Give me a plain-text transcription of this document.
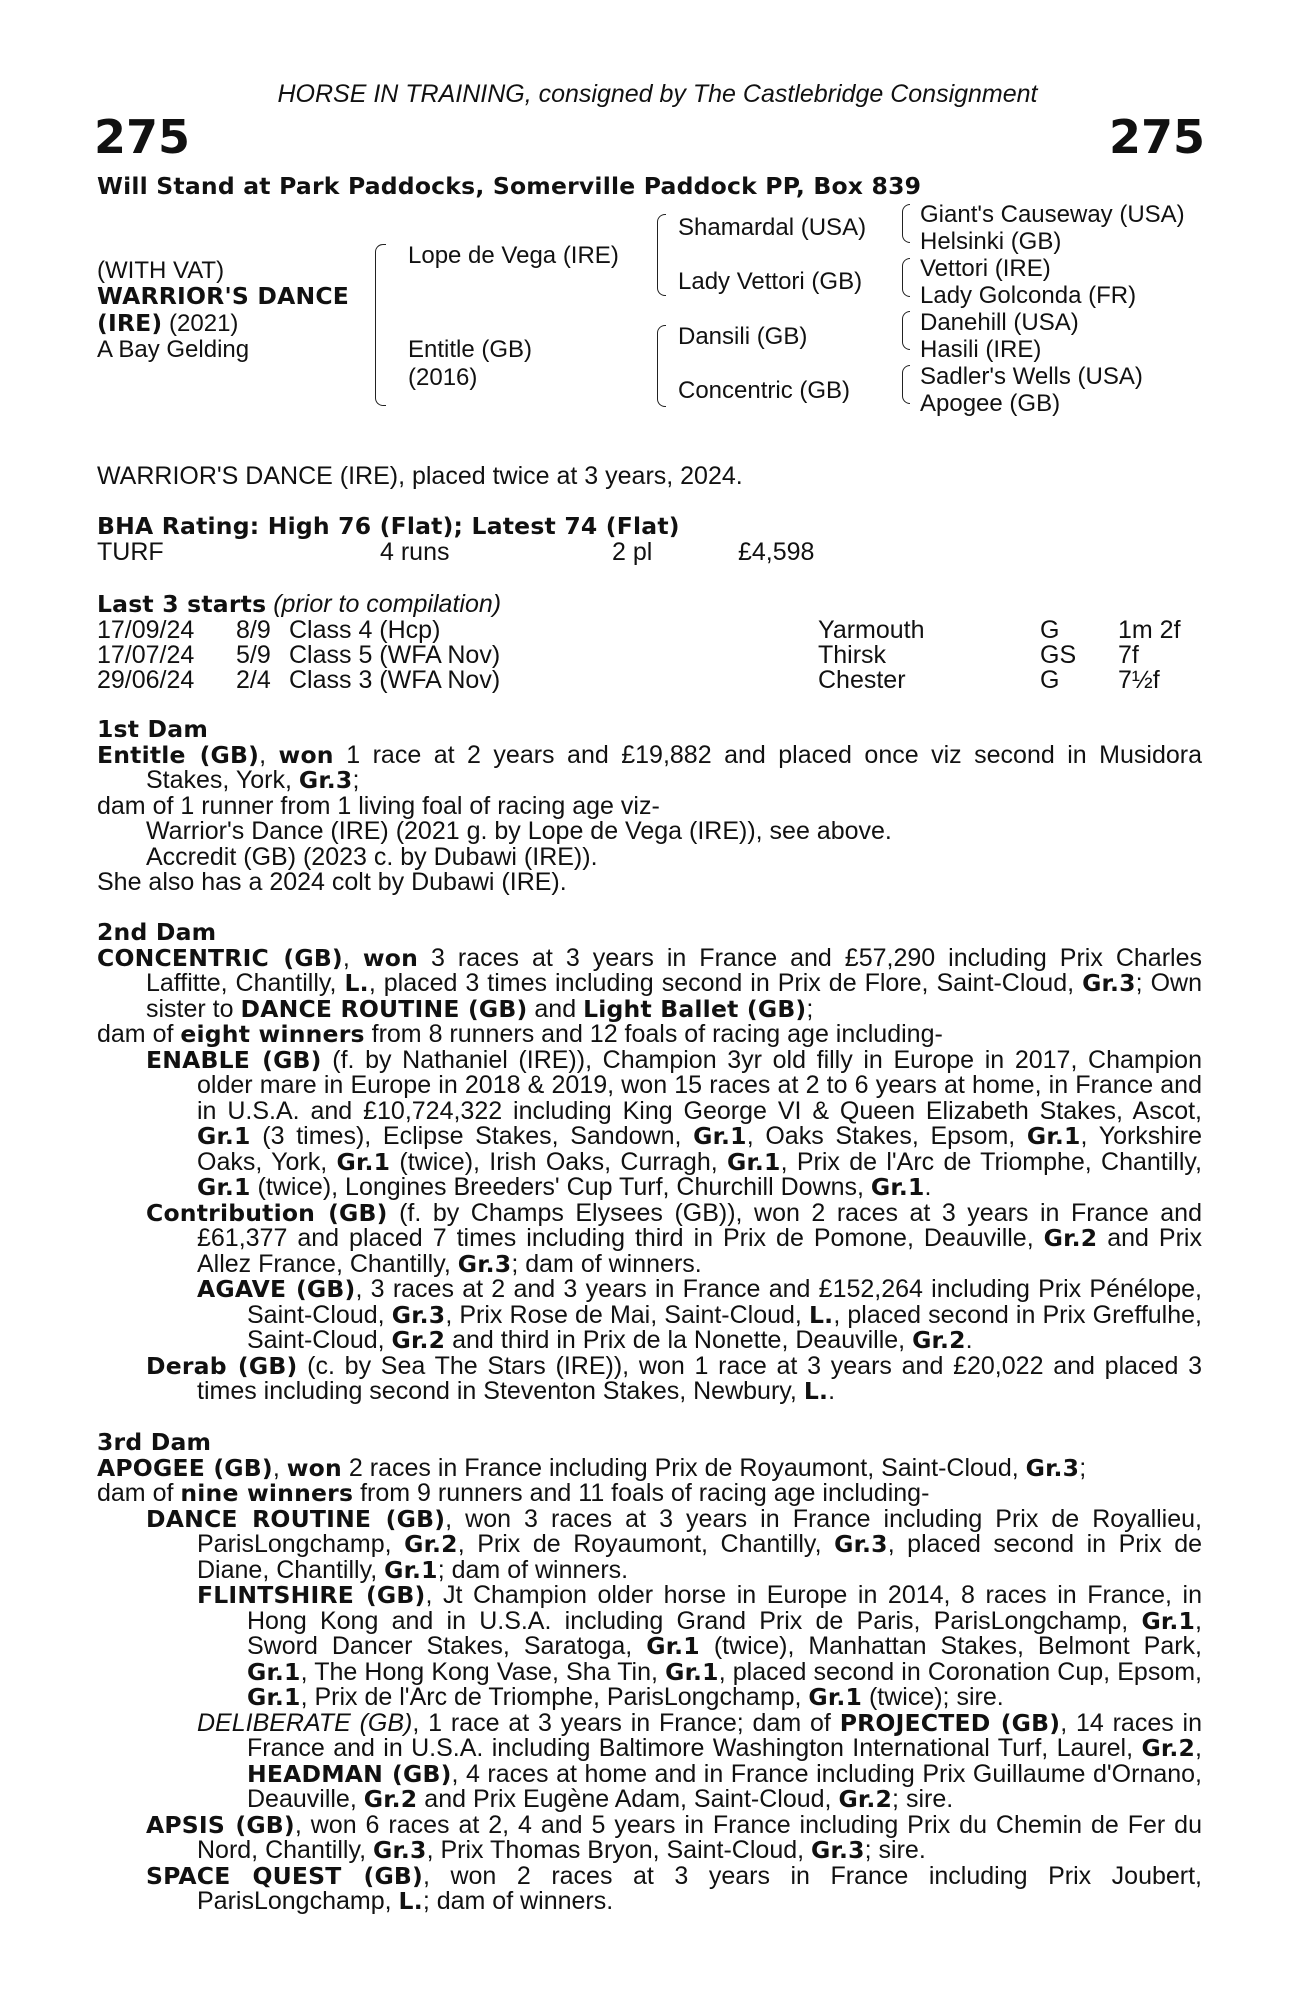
HORSE IN TRAINING, consigned by The Castlebridge Consignment
275	275
Will Stand at Park Paddocks, Somerville Paddock PP, Box 839
(WITH VAT)
WARRIOR'S DANCE
(IRE) (2021)
A Bay Gelding
Lope de Vega (IRE)
Entitle (GB)
(2016)
Shamardal (USA)
Lady Vettori (GB)
Dansili (GB)
Concentric (GB)
Giant's Causeway (USA)
Helsinki (GB)
Vettori (IRE)
Lady Golconda (FR)
Danehill (USA)
Hasili (IRE)
Sadler's Wells (USA)
Apogee (GB)
WARRIOR'S DANCE (IRE), placed twice at 3 years, 2024.
BHA Rating: High 76 (Flat); Latest 74 (Flat)
TURF	4 runs	2 pl	£4,598
Last 3 starts (prior to compilation)
17/09/24 8/9 Class 4 (Hcp)	Yarmouth	G 1m 2f
17/07/24 5/9 Class 5 (WFA Nov)	Thirsk	GS 7f
29/06/24 2/4 Class 3 (WFA Nov)	Chester	G 7½f

1st Dam

Entitle (GB), won 1 race at 2 years and £19,882 and placed once viz second in Musidora Stakes, York, Gr.3;

dam of 1 runner from 1 living foal of racing age viz-

Warrior's Dance (IRE) (2021 g. by Lope de Vega (IRE)), see above.

Accredit (GB) (2023 c. by Dubawi (IRE)).

She also has a 2024 colt by Dubawi (IRE).

2nd Dam

CONCENTRIC (GB), won 3 races at 3 years in France and £57,290 including Prix Charles Laffitte, Chantilly, L., placed 3 times including second in Prix de Flore, Saint-Cloud, Gr.3; Own sister to DANCE ROUTINE (GB) and Light Ballet (GB);

dam of eight winners from 8 runners and 12 foals of racing age including-

ENABLE (GB) (f. by Nathaniel (IRE)), Champion 3yr old filly in Europe in 2017, Champion older mare in Europe in 2018 & 2019, won 15 races at 2 to 6 years at home, in France and in U.S.A. and £10,724,322 including King George VI & Queen Elizabeth Stakes, Ascot, Gr.1 (3 times), Eclipse Stakes, Sandown, Gr.1, Oaks Stakes, Epsom, Gr.1, Yorkshire Oaks, York, Gr.1 (twice), Irish Oaks, Curragh, Gr.1, Prix de l'Arc de Triomphe, Chantilly, Gr.1 (twice), Longines Breeders' Cup Turf, Churchill Downs, Gr.1.

Contribution (GB) (f. by Champs Elysees (GB)), won 2 races at 3 years in France and £61,377 and placed 7 times including third in Prix de Pomone, Deauville, Gr.2 and Prix Allez France, Chantilly, Gr.3; dam of winners.

AGAVE (GB), 3 races at 2 and 3 years in France and £152,264 including Prix Pénélope, Saint-Cloud, Gr.3, Prix Rose de Mai, Saint-Cloud, L., placed second in Prix Greffulhe, Saint-Cloud, Gr.2 and third in Prix de la Nonette, Deauville, Gr.2.

Derab (GB) (c. by Sea The Stars (IRE)), won 1 race at 3 years and £20,022 and placed 3 times including second in Steventon Stakes, Newbury, L..

3rd Dam

APOGEE (GB), won 2 races in France including Prix de Royaumont, Saint-Cloud, Gr.3;

dam of nine winners from 9 runners and 11 foals of racing age including-

DANCE ROUTINE (GB), won 3 races at 3 years in France including Prix de Royallieu, ParisLongchamp, Gr.2, Prix de Royaumont, Chantilly, Gr.3, placed second in Prix de Diane, Chantilly, Gr.1; dam of winners.

FLINTSHIRE (GB), Jt Champion older horse in Europe in 2014, 8 races in France, in Hong Kong and in U.S.A. including Grand Prix de Paris, ParisLongchamp, Gr.1, Sword Dancer Stakes, Saratoga, Gr.1 (twice), Manhattan Stakes, Belmont Park, Gr.1, The Hong Kong Vase, Sha Tin, Gr.1, placed second in Coronation Cup, Epsom, Gr.1, Prix de l'Arc de Triomphe, ParisLongchamp, Gr.1 (twice); sire.

DELIBERATE (GB), 1 race at 3 years in France; dam of PROJECTED (GB), 14 races in France and in U.S.A. including Baltimore Washington International Turf, Laurel, Gr.2, HEADMAN (GB), 4 races at home and in France including Prix Guillaume d'Ornano, Deauville, Gr.2 and Prix Eugène Adam, Saint-Cloud, Gr.2; sire.

APSIS (GB), won 6 races at 2, 4 and 5 years in France including Prix du Chemin de Fer du Nord, Chantilly, Gr.3, Prix Thomas Bryon, Saint-Cloud, Gr.3; sire.

SPACE QUEST (GB), won 2 races at 3 years in France including Prix Joubert, ParisLongchamp, L.; dam of winners.
